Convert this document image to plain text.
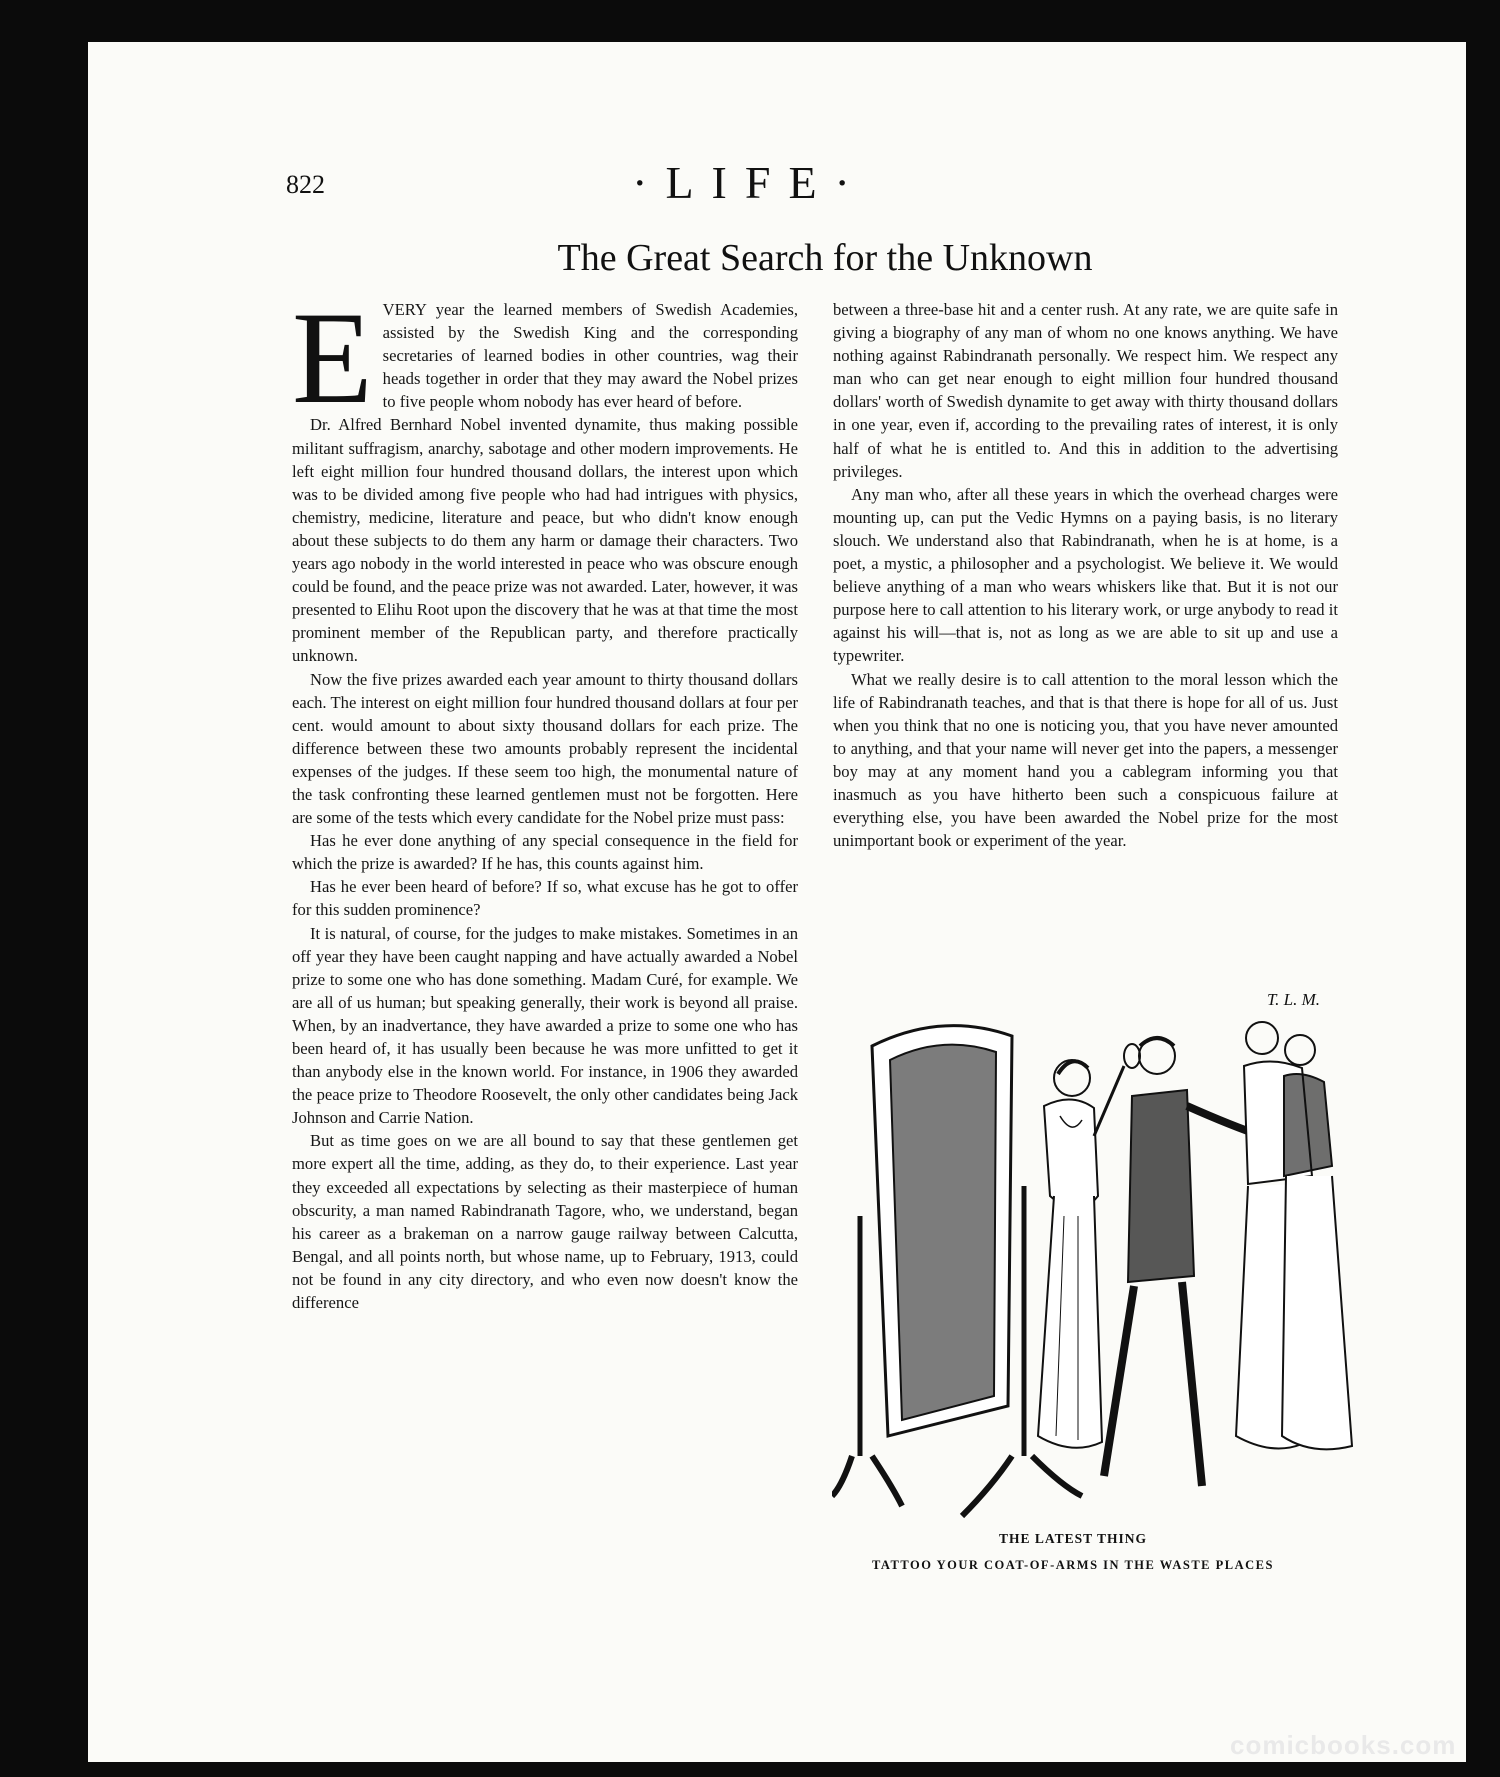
822	·LIFE·
The Great Search for the Unknown

EVERY year the learned members of Swedish Academies, assisted by the Swedish King and the corresponding secretaries of learned bodies in other countries, wag their heads together in order that they may award the Nobel prizes to five people whom nobody has ever heard of before.

Dr. Alfred Bernhard Nobel invented dynamite, thus making possible militant suffragism, anarchy, sabotage and other modern improvements. He left eight million four hundred thousand dollars, the interest upon which was to be divided among five people who had had intrigues with physics, chemistry, medicine, literature and peace, but who didn't know enough about these subjects to do them any harm or damage their characters. Two years ago nobody in the world interested in peace who was obscure enough could be found, and the peace prize was not awarded. Later, however, it was presented to Elihu Root upon the discovery that he was at that time the most prominent member of the Republican party, and therefore practically unknown.

Now the five prizes awarded each year amount to thirty thousand dollars each. The interest on eight million four hundred thousand dollars at four per cent. would amount to about sixty thousand dollars for each prize. The difference between these two amounts probably represent the incidental expenses of the judges. If these seem too high, the monumental nature of the task confronting these learned gentlemen must not be forgotten. Here are some of the tests which every candidate for the Nobel prize must pass:

Has he ever done anything of any special consequence in the field for which the prize is awarded? If he has, this counts against him.

Has he ever been heard of before? If so, what excuse has he got to offer for this sudden prominence?

It is natural, of course, for the judges to make mistakes. Sometimes in an off year they have been caught napping and have actually awarded a Nobel prize to some one who has done something. Madam Curé, for example. We are all of us human; but speaking generally, their work is beyond all praise. When, by an inadvertance, they have awarded a prize to some one who has been heard of, it has usually been because he was more unfitted to get it than anybody else in the known world. For instance, in 1906 they awarded the peace prize to Theodore Roosevelt, the only other candidates being Jack Johnson and Carrie Nation.

But as time goes on we are all bound to say that these gentlemen get more expert all the time, adding, as they do, to their experience. Last year they exceeded all expectations by selecting as their masterpiece of human obscurity, a man named Rabindranath Tagore, who, we understand, began his career as a brakeman on a narrow gauge railway between Calcutta, Bengal, and all points north, but whose name, up to February, 1913, could not be found in any city directory, and who even now doesn't know the difference

between a three-base hit and a center rush. At any rate, we are quite safe in giving a biography of any man of whom no one knows anything. We have nothing against Rabindranath personally. We respect him. We respect any man who can get near enough to eight million four hundred thousand dollars' worth of Swedish dynamite to get away with thirty thousand dollars in one year, even if, according to the prevailing rates of interest, it is only half of what he is entitled to. And this in addition to the advertising privileges.

Any man who, after all these years in which the overhead charges were mounting up, can put the Vedic Hymns on a paying basis, is no literary slouch. We understand also that Rabindranath, when he is at home, is a poet, a mystic, a philosopher and a psychologist. We believe it. We would believe anything of a man who wears whiskers like that. But it is not our purpose here to call attention to his literary work, or urge anybody to read it against his will—that is, not as long as we are able to sit up and use a typewriter.

What we really desire is to call attention to the moral lesson which the life of Rabindranath teaches, and that is that there is hope for all of us. Just when you think that no one is noticing you, that you have never amounted to anything, and that your name will never get into the papers, a messenger boy may at any moment hand you a cablegram informing you that inasmuch as you have hitherto been such a conspicuous failure at everything else, you have been awarded the Nobel prize for the most unimportant book or experiment of the year.

T. L. M.
THE LATEST THING
TATTOO YOUR COAT-OF-ARMS IN THE WASTE PLACES
comicbooks.com
